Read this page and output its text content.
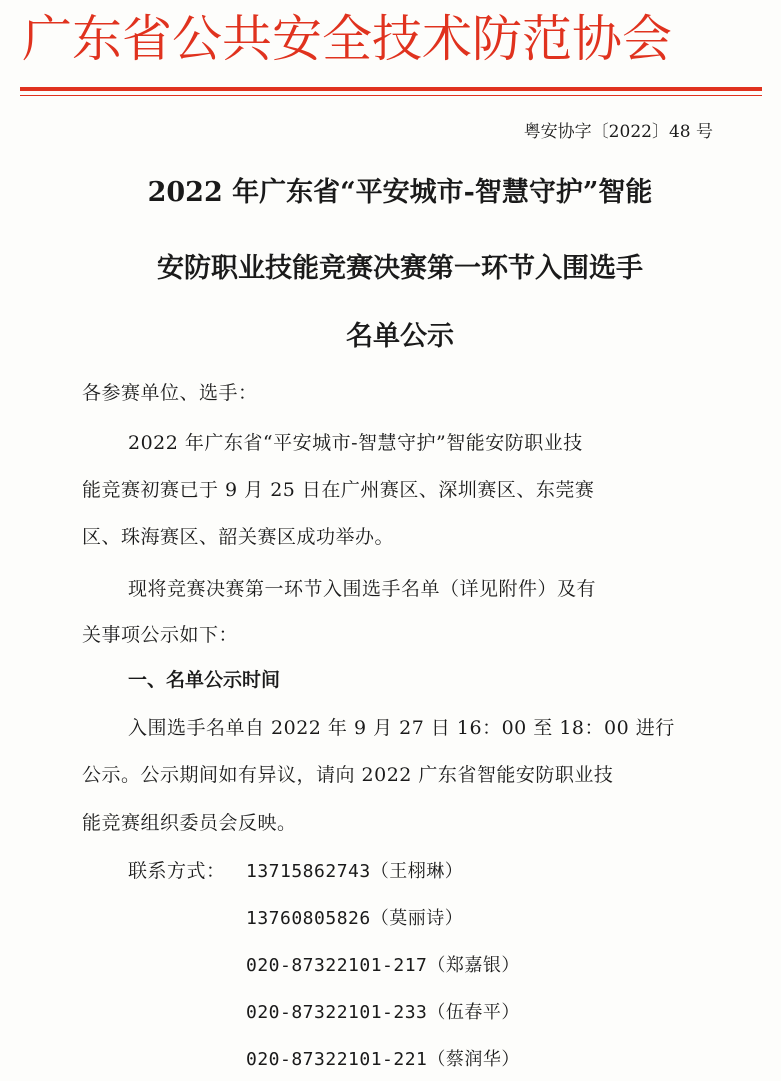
广东省公共安全技术防范协会
粤安协字〔2022〕48 号
2022 年广东省“平安城市-智慧守护”智能
安防职业技能竞赛决赛第一环节入围选手
名单公示
各参赛单位、选手：
2022 年广东省“平安城市-智慧守护”智能安防职业技
能竞赛初赛已于 9 月 25 日在广州赛区、深圳赛区、东莞赛
区、珠海赛区、韶关赛区成功举办。
现将竞赛决赛第一环节入围选手名单（详见附件）及有
关事项公示如下：
一、名单公示时间
入围选手名单自 2022 年 9 月 27 日 16：00 至 18：00 进行
公示。公示期间如有异议，请向 2022 广东省智能安防职业技
能竞赛组织委员会反映。
联系方式： 13715862743（王栩琳）
13760805826（莫丽诗）
020-87322101-217（郑嘉银）
020-87322101-233（伍春平）
020-87322101-221（蔡润华）
